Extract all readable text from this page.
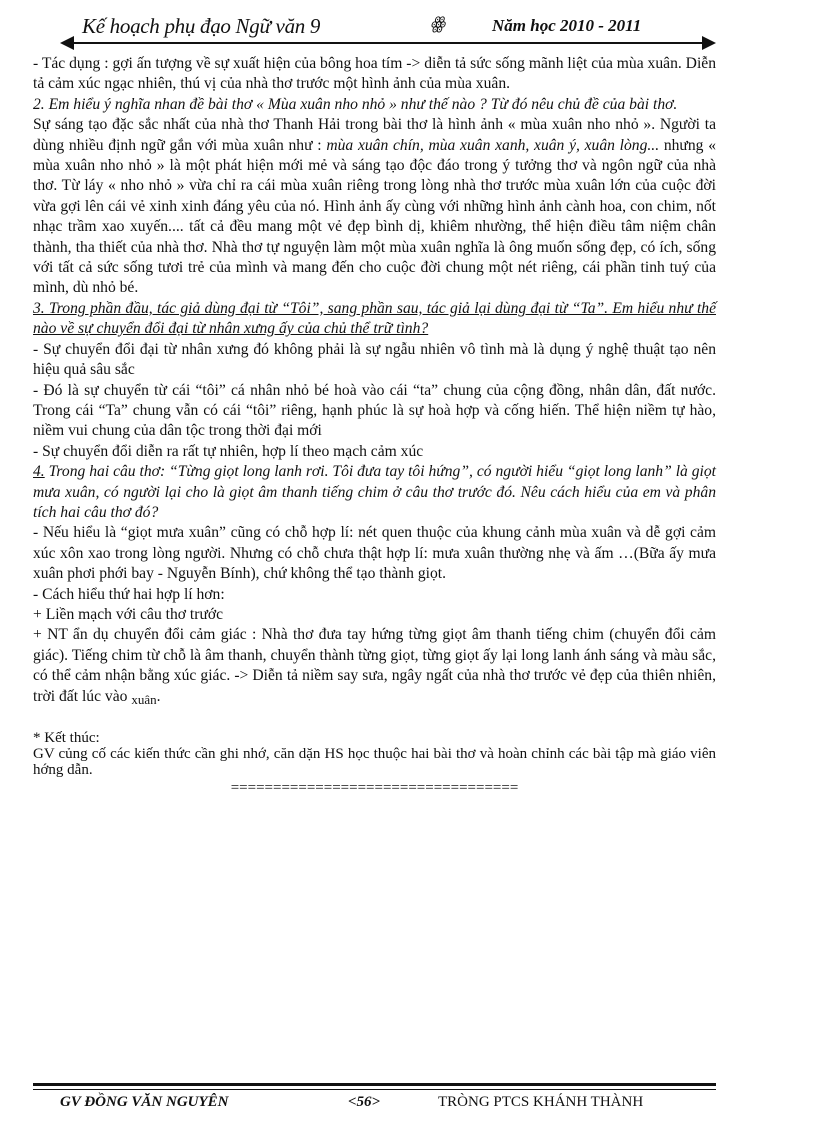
Kế hoạch phụ đạo Ngữ văn 9	ꙮ	Năm học 2010 - 2011

- Tác dụng : gợi ấn tượng về sự xuất hiện của bông hoa tím -> diễn tả sức sống mãnh liệt của mùa xuân. Diễn tả cảm xúc ngạc nhiên, thú vị của nhà thơ trước một hình ảnh của mùa xuân.

2. Em hiểu ý nghĩa nhan đề bài thơ « Mùa xuân nho nhỏ » như thế nào ? Từ đó nêu chủ đề của bài thơ.

Sự sáng tạo đặc sắc nhất của nhà thơ Thanh Hải trong bài thơ là hình ảnh « mùa xuân nho nhỏ ». Người ta dùng nhiều định ngữ gắn với mùa xuân như : mùa xuân chín, mùa xuân xanh, xuân ý, xuân lòng... nhưng « mùa xuân nho nhỏ » là một phát hiện mới mẻ và sáng tạo độc đáo trong ý tưởng thơ và ngôn ngữ của nhà thơ. Từ láy « nho nhỏ » vừa chỉ ra cái mùa xuân riêng trong lòng nhà thơ trước mùa xuân lớn của cuộc đời vừa gợi lên cái vẻ xinh xinh đáng yêu của nó. Hình ảnh ấy cùng với những hình ảnh cành hoa, con chim, nốt nhạc trầm xao xuyến.... tất cả đều mang một vẻ đẹp bình dị, khiêm nhường, thể hiện điều tâm niệm chân thành, tha thiết của nhà thơ. Nhà thơ tự nguyện làm một mùa xuân nghĩa là ông muốn sống đẹp, có ích, sống với tất cả sức sống tươi trẻ của mình và mang đến cho cuộc đời chung một nét riêng, cái phần tinh tuý của mình, dù nhỏ bé.

3. Trong phần đầu, tác giả dùng đại từ “Tôi”, sang phần sau, tác giả lại dùng đại từ “Ta”. Em hiểu như thế nào về sự chuyển đổi đại từ nhân xưng ấy của chủ thể trữ tình?

- Sự chuyển đổi đại từ nhân xưng đó không phải là sự ngẫu nhiên vô tình mà là dụng ý nghệ thuật tạo nên hiệu quả sâu sắc

- Đó là sự chuyển từ cái “tôi” cá nhân nhỏ bé hoà vào cái “ta” chung của cộng đồng, nhân dân, đất nước. Trong cái “Ta” chung vẫn có cái “tôi” riêng, hạnh phúc là sự hoà hợp và cống hiến. Thể hiện niềm tự hào, niềm vui chung của dân tộc trong thời đại mới

- Sự chuyển đổi diễn ra rất tự nhiên, hợp lí theo mạch cảm xúc

4. Trong hai câu thơ: “Từng giọt long lanh rơi. Tôi đưa tay tôi hứng”, có người hiểu “giọt long lanh” là giọt mưa xuân, có người lại cho là giọt âm thanh tiếng chim ở câu thơ trước đó. Nêu cách hiểu của em và phân tích hai câu thơ đó?

- Nếu hiểu là “giọt mưa xuân” cũng có chỗ hợp lí: nét quen thuộc của khung cảnh mùa xuân và dễ gợi cảm xúc xôn xao trong lòng người. Nhưng có chỗ chưa thật hợp lí: mưa xuân thường nhẹ và ấm …(Bữa ấy mưa xuân phơi phới bay - Nguyễn Bính), chứ không thể tạo thành giọt.

- Cách hiểu thứ hai hợp lí hơn:

+ Liền mạch với câu thơ trước

+ NT ẩn dụ chuyển đổi cảm giác : Nhà thơ đưa tay hứng từng giọt âm thanh tiếng chim (chuyển đổi cảm giác). Tiếng chim từ chỗ là âm thanh, chuyển thành từng giọt, từng giọt ấy lại long lanh ánh sáng và màu sắc, có thể cảm nhận bằng xúc giác. -> Diễn tả niềm say sưa, ngây ngất của nhà thơ trước vẻ đẹp của thiên nhiên, trời đất lúc vào $_{xuân}$.

* Kết thúc:

GV củng cố các kiến thức cần ghi nhớ, căn dặn HS học thuộc hai bài thơ và hoàn chỉnh các bài tập mà giáo viên hớng dẫn.

==================================

GV ĐỒNG VĂN NGUYÊN	<56>	TRÒNG PTCS KHÁNH THÀNH
